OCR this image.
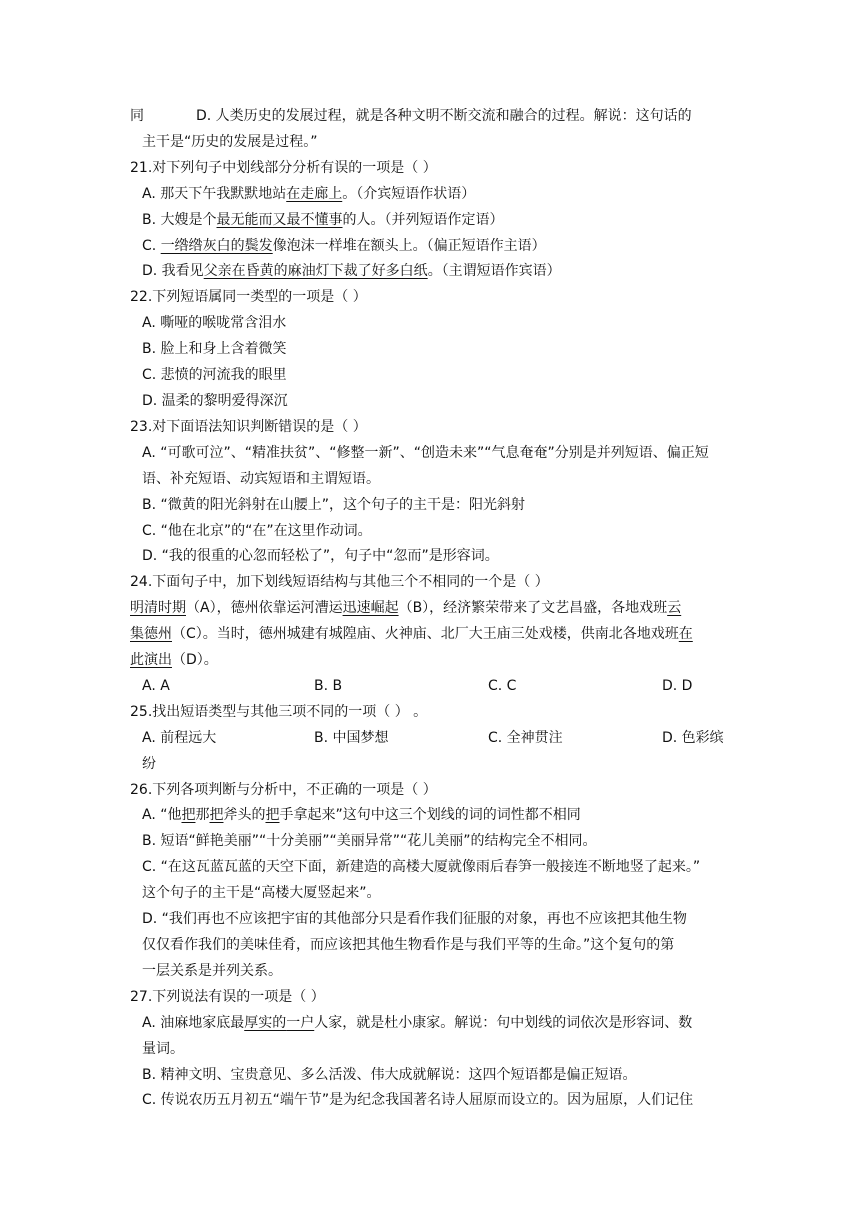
同	D. 人类历史的发展过程，就是各种文明不断交流和融合的过程。解说：这句话的
主干是“历史的发展是过程。”
21.对下列句子中划线部分分析有误的一项是（ ）
A. 那天下午我默默地站在走廊上。（介宾短语作状语）
B. 大嫂是个最无能而又最不懂事的人。（并列短语作定语）
C. 一绺绺灰白的鬓发像泡沫一样堆在额头上。（偏正短语作主语）
D. 我看见父亲在昏黄的麻油灯下裁了好多白纸。（主谓短语作宾语）
22.下列短语属同一类型的一项是（ ）
A. 嘶哑的喉咙常含泪水
B. 脸上和身上含着微笑
C. 悲愤的河流我的眼里
D. 温柔的黎明爱得深沉
23.对下面语法知识判断错误的是（ ）
A. “可歌可泣”、“精准扶贫”、“修整一新”、“创造未来”“气息奄奄”分别是并列短语、偏正短
语、补充短语、动宾短语和主谓短语。
B. “微黄的阳光斜射在山腰上”，这个句子的主干是：阳光斜射
C. “他在北京”的“在”在这里作动词。
D. “我的很重的心忽而轻松了”，句子中“忽而”是形容词。
24.下面句子中，加下划线短语结构与其他三个不相同的一个是（ ）
明清时期（A），德州依靠运河漕运迅速崛起（B），经济繁荣带来了文艺昌盛，各地戏班云
集德州（C）。当时，德州城建有城隍庙、火神庙、北厂大王庙三处戏楼，供南北各地戏班在
此演出（D）。
A. A	B. B	C. C	D. D
25.找出短语类型与其他三项不同的一项（ ） 。
A. 前程远大	B. 中国梦想	C. 全神贯注	D. 色彩缤
纷
26.下列各项判断与分析中，不正确的一项是（ ）
A. “他把那把斧头的把手拿起来”这句中这三个划线的词的词性都不相同
B. 短语“鲜艳美丽”“十分美丽”“美丽异常”“花儿美丽”的结构完全不相同。
C. “在这瓦蓝瓦蓝的天空下面，新建造的高楼大厦就像雨后春笋一般接连不断地竖了起来。”
这个句子的主干是“高楼大厦竖起来”。
D. “我们再也不应该把宇宙的其他部分只是看作我们征服的对象，再也不应该把其他生物
仅仅看作我们的美味佳肴，而应该把其他生物看作是与我们平等的生命。”这个复句的第
一层关系是并列关系。
27.下列说法有误的一项是（ ）
A. 油麻地家底最厚实的一户人家，就是杜小康家。解说：句中划线的词依次是形容词、数
量词。
B. 精神文明、宝贵意见、多么活泼、伟大成就解说：这四个短语都是偏正短语。
C. 传说农历五月初五“端午节”是为纪念我国著名诗人屈原而设立的。因为屈原，人们记住
